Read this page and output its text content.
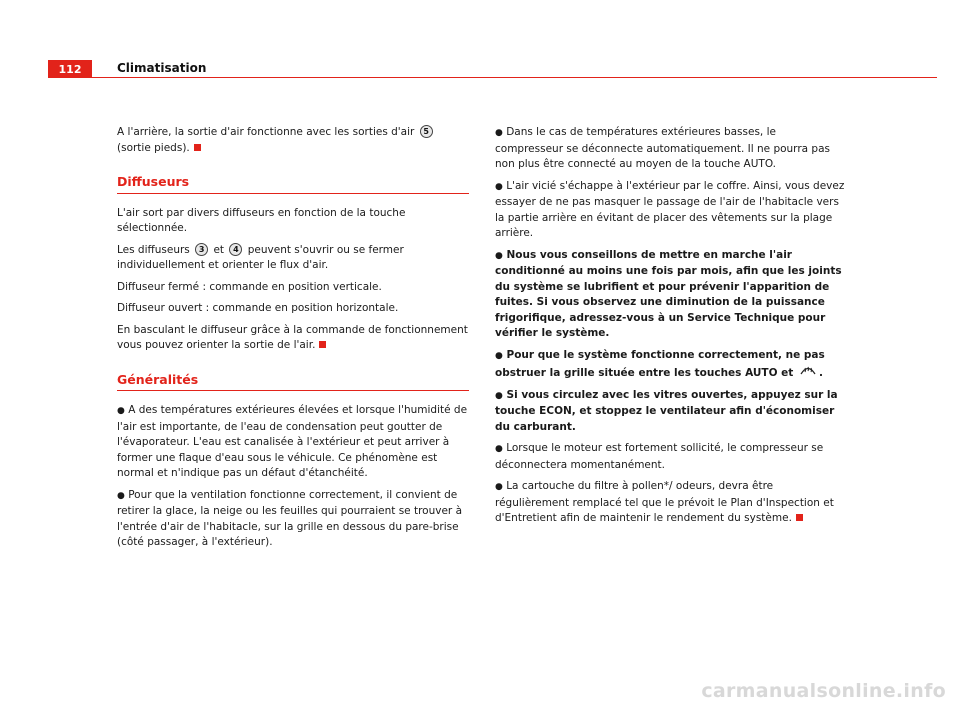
112	Climatisation

A l'arrière, la sortie d'air fonctionne avec les sorties d'air 5 (sortie pieds).

Diffuseurs

L'air sort par divers diffuseurs en fonction de la touche sélectionnée.

Les diffuseurs 3 et 4 peuvent s'ouvrir ou se fermer individuellement et orienter le flux d'air.

Diffuseur fermé : commande en position verticale.

Diffuseur ouvert : commande en position horizontale.

En basculant le diffuseur grâce à la commande de fonctionnement vous pouvez orienter la sortie de l'air.

Généralités

● A des températures extérieures élevées et lorsque l'humidité de l'air est importante, de l'eau de condensation peut goutter de l'évaporateur. L'eau est canalisée à l'extérieur et peut arriver à former une flaque d'eau sous le véhicule. Ce phénomène est normal et n'indique pas un défaut d'étanchéité.

● Pour que la ventilation fonctionne correctement, il convient de retirer la glace, la neige ou les feuilles qui pourraient se trouver à l'entrée d'air de l'habitacle, sur la grille en dessous du pare-brise (côté passager, à l'extérieur).

● Dans le cas de températures extérieures basses, le compresseur se déconnecte automatiquement. Il ne pourra pas non plus être connecté au moyen de la touche AUTO.

● L'air vicié s'échappe à l'extérieur par le coffre. Ainsi, vous devez essayer de ne pas masquer le passage de l'air de l'habitacle vers la partie arrière en évitant de placer des vêtements sur la plage arrière.

● Nous vous conseillons de mettre en marche l'air conditionné au moins une fois par mois, afin que les joints du système se lubrifient et pour prévenir l'apparition de fuites. Si vous observez une diminution de la puissance frigorifique, adressez-vous à un Service Technique pour vérifier le système.

● Pour que le système fonctionne correctement, ne pas obstruer la grille située entre les touches AUTO et .

● Si vous circulez avec les vitres ouvertes, appuyez sur la touche ECON, et stoppez le ventilateur afin d'économiser du carburant.

● Lorsque le moteur est fortement sollicité, le compresseur se déconnectera momentanément.

● La cartouche du filtre à pollen*/ odeurs, devra être régulièrement remplacé tel que le prévoit le Plan d'Inspection et d'Entretient afin de maintenir le rendement du système.

carmanualsonline.info
